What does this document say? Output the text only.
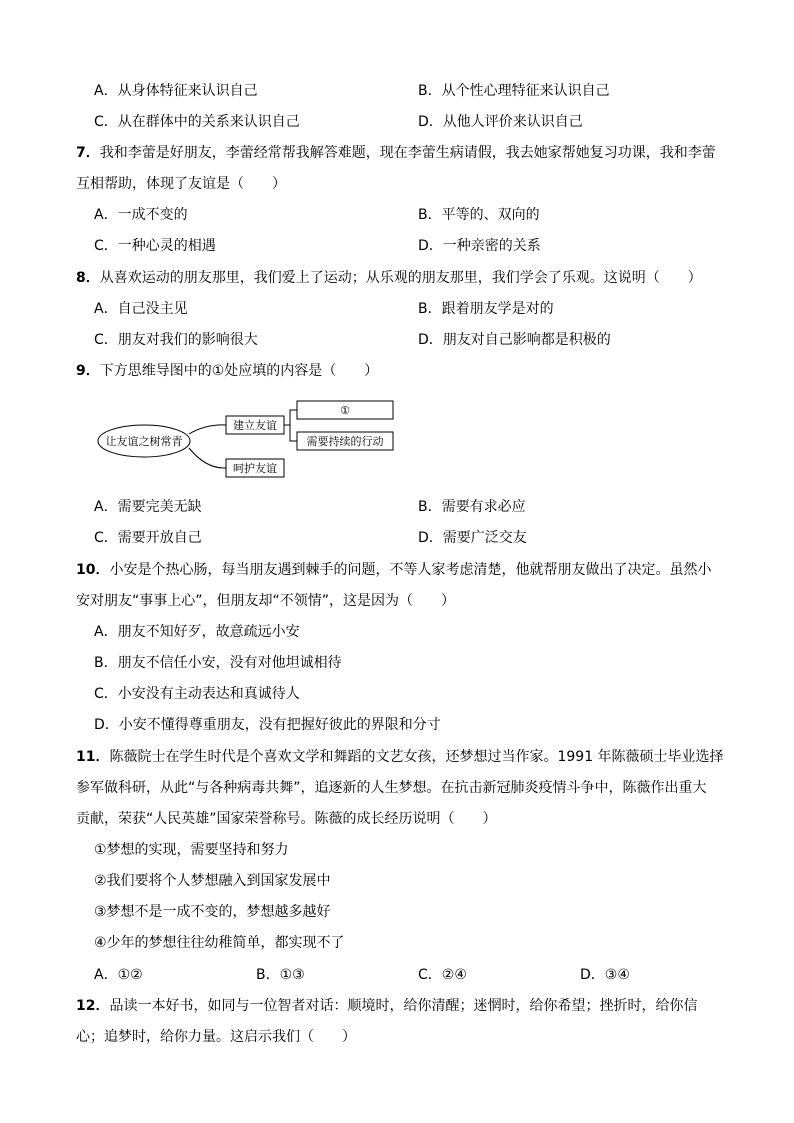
A．从身体特征来认识自己	B．从个性心理特征来认识自己
C．从在群体中的关系来认识自己	D．从他人评价来认识自己
7．我和李蕾是好朋友，李蕾经常帮我解答难题，现在李蕾生病请假，我去她家帮她复习功课，我和李蕾
互相帮助，体现了友谊是（　　）
A．一成不变的	B．平等的、双向的
C．一种心灵的相遇	D．一种亲密的关系
8．从喜欢运动的朋友那里，我们爱上了运动；从乐观的朋友那里，我们学会了乐观。这说明（　　）
A．自己没主见	B．跟着朋友学是对的
C．朋友对我们的影响很大	D．朋友对自己影响都是积极的
9．下方思维导图中的①处应填的内容是（　　）
让友谊之树常青
建立友谊
呵护友谊
①
需要持续的行动
A．需要完美无缺	B．需要有求必应
C．需要开放自己	D．需要广泛交友
10．小安是个热心肠，每当朋友遇到棘手的问题，不等人家考虑清楚，他就帮朋友做出了决定。虽然小
安对朋友“事事上心”，但朋友却“不领情”，这是因为（　　）
A．朋友不知好歹，故意疏远小安
B．朋友不信任小安，没有对他坦诚相待
C．小安没有主动表达和真诚待人
D．小安不懂得尊重朋友，没有把握好彼此的界限和分寸
11．陈薇院士在学生时代是个喜欢文学和舞蹈的文艺女孩，还梦想过当作家。1991 年陈薇硕士毕业选择
参军做科研，从此“与各种病毒共舞”，追逐新的人生梦想。在抗击新冠肺炎疫情斗争中，陈薇作出重大
贡献，荣获“人民英雄”国家荣誉称号。陈薇的成长经历说明（　　）
①梦想的实现，需要坚持和努力
②我们要将个人梦想融入到国家发展中
③梦想不是一成不变的，梦想越多越好
④少年的梦想往往幼稚简单，都实现不了
A．①②	B．①③	C．②④	D．③④
12．品读一本好书，如同与一位智者对话：顺境时，给你清醒；迷惘时，给你希望；挫折时，给你信
心；追梦时，给你力量。这启示我们（　　）
